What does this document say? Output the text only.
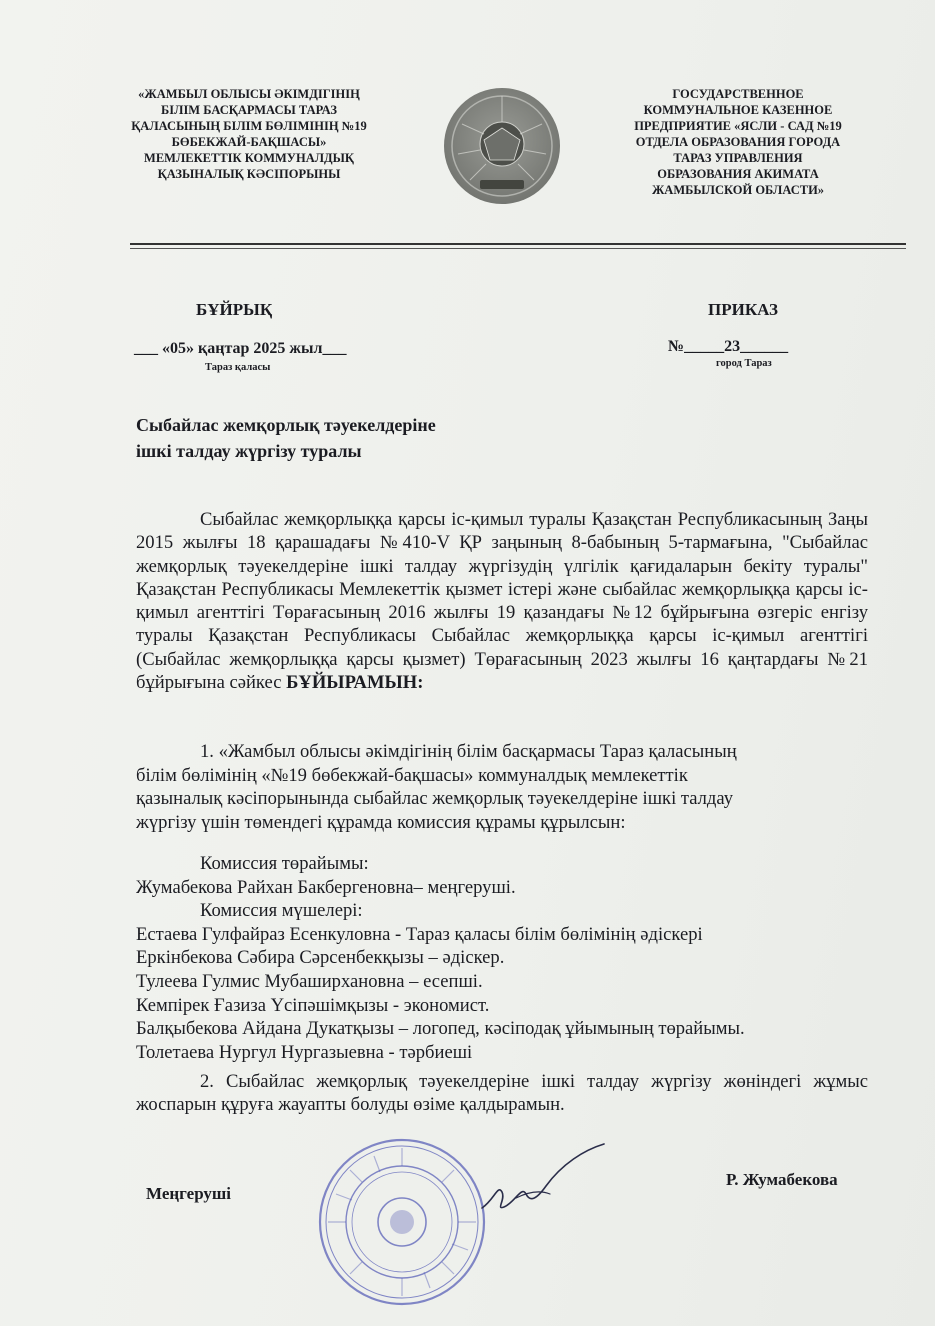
«ЖАМБЫЛ ОБЛЫСЫ ӘКІМДІГІНІҢ
БІЛІМ БАСҚАРМАСЫ ТАРАЗ
ҚАЛАСЫНЫҢ БІЛІМ БӨЛІМІНІҢ №19
БӨБЕКЖАЙ-БАҚШАСЫ»
МЕМЛЕКЕТТІК КОММУНАЛДЫҚ
ҚАЗЫНАЛЫҚ КӘСІПОРЫНЫ
ГОСУДАРСТВЕННОЕ
КОММУНАЛЬНОЕ КАЗЕННОЕ
ПРЕДПРИЯТИЕ «ЯСЛИ - САД №19
ОТДЕЛА ОБРАЗОВАНИЯ ГОРОДА
ТАРАЗ УПРАВЛЕНИЯ
ОБРАЗОВАНИЯ АКИМАТА
ЖАМБЫЛСКОЙ ОБЛАСТИ»
БҰЙРЫҚ	ПРИКАЗ
___ «05» қаңтар 2025 жыл___	№_____23______
Тараз қаласы	город Тараз
Сыбайлас жемқорлық тәуекелдеріне
ішкі талдау жүргізу туралы

Сыбайлас жемқорлыққа қарсы іс-қимыл туралы Қазақстан Республикасының Заңы 2015 жылғы 18 қарашадағы №410-V ҚР заңының 8-бабының 5-тармағына, "Сыбайлас жемқорлық тәуекелдеріне ішкі талдау жүргізудің үлгілік қағидаларын бекіту туралы" Қазақстан Республикасы Мемлекеттік қызмет істері және сыбайлас жемқорлыққа қарсы іс-қимыл агенттігі Төрағасының 2016 жылғы 19 қазандағы №12 бұйрығына өзгеріс енгізу туралы Қазақстан Республикасы Сыбайлас жемқорлыққа қарсы іс-қимыл агенттігі (Сыбайлас жемқорлыққа қарсы қызмет) Төрағасының 2023 жылғы 16 қаңтардағы №21 бұйрығына сәйкес БҰЙЫРАМЫН:

1. «Жамбыл облысы әкімдігінің білім басқармасы Тараз қаласының
білім бөлімінің «№19 бөбекжай-бақшасы» коммуналдық мемлекеттік
қазыналық кәсіпорынында сыбайлас жемқорлық тәуекелдеріне ішкі талдау
жүргізу үшін төмендегі құрамда комиссия құрамы құрылсын:
Комиссия төрайымы:
Жумабекова Райхан Бакбергеновна– меңгеруші.
Комиссия мүшелері:
Естаева Гулфайраз Есенкуловна - Тараз қаласы білім бөлімінің әдіскері
Еркінбекова Сәбира Сәрсенбекқызы – әдіскер.
Тулеева Гулмис Мубаширхановна – есепші.
Кемпірек Ғазиза Үсіпәшімқызы - экономист.
Балқыбекова Айдана Дукатқызы – логопед, кәсіподақ ұйымының төрайымы.
Толетаева Нургул Нургазыевна - тәрбиеші

2. Сыбайлас жемқорлық тәуекелдеріне ішкі талдау жүргізу жөніндегі жұмыс жоспарын құруға жауапты болуды өзіме қалдырамын.

Меңгеруші
Р. Жумабекова
